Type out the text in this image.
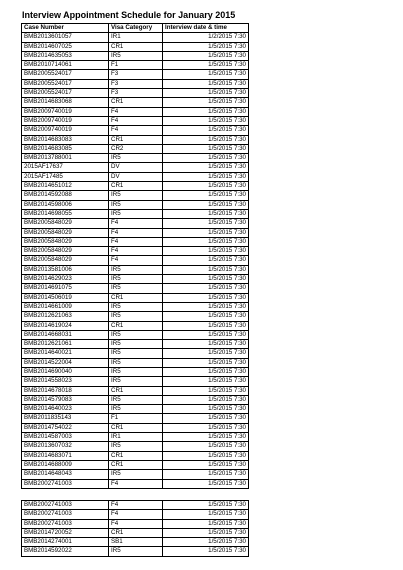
Interview Appointment Schedule for January 2015
Case Number	Visa Category	Interview date & time
BMB2013601057	IR1	1/2/2015 7:30
BMB2014607025	CR1	1/5/2015 7:30
BMB2014635053	IR5	1/5/2015 7:30
BMB2010714061	F1	1/5/2015 7:30
BMB2005524017	F3	1/5/2015 7:30
BMB2005524017	F3	1/5/2015 7:30
BMB2005524017	F3	1/5/2015 7:30
BMB2014683068	CR1	1/5/2015 7:30
BMB2009740019	F4	1/5/2015 7:30
BMB2009740019	F4	1/5/2015 7:30
BMB2009740019	F4	1/5/2015 7:30
BMB2014683083	CR1	1/5/2015 7:30
BMB2014683085	CR2	1/5/2015 7:30
BMB2013788001	IR5	1/5/2015 7:30
2015AF17637	DV	1/5/2015 7:30
2015AF17485	DV	1/5/2015 7:30
BMB2014651012	CR1	1/5/2015 7:30
BMB2014592088	IR5	1/5/2015 7:30
BMB2014598006	IR5	1/5/2015 7:30
BMB2014698055	IR5	1/5/2015 7:30
BMB2005848029	F4	1/5/2015 7:30
BMB2005848029	F4	1/5/2015 7:30
BMB2005848029	F4	1/5/2015 7:30
BMB2005848029	F4	1/5/2015 7:30
BMB2005848029	F4	1/5/2015 7:30
BMB2013581006	IR5	1/5/2015 7:30
BMB2014629023	IR5	1/5/2015 7:30
BMB2014691075	IR5	1/5/2015 7:30
BMB2014506019	CR1	1/5/2015 7:30
BMB2014661009	IR5	1/5/2015 7:30
BMB2012621063	IR5	1/5/2015 7:30
BMB2014619024	CR1	1/5/2015 7:30
BMB2014668031	IR5	1/5/2015 7:30
BMB2012621061	IR5	1/5/2015 7:30
BMB2014640021	IR5	1/5/2015 7:30
BMB2014522004	IR5	1/5/2015 7:30
BMB2014690040	IR5	1/5/2015 7:30
BMB2014558023	IR5	1/5/2015 7:30
BMB2014678018	CR1	1/5/2015 7:30
BMB2014579083	IR5	1/5/2015 7:30
BMB2014640023	IR5	1/5/2015 7:30
BMB2011835143	F1	1/5/2015 7:30
BMB2014754022	CR1	1/5/2015 7:30
BMB2014587003	IR1	1/5/2015 7:30
BMB2013607032	IR5	1/5/2015 7:30
BMB2014683071	CR1	1/5/2015 7:30
BMB2014688009	CR1	1/5/2015 7:30
BMB2014648043	IR5	1/5/2015 7:30
BMB2002741003	F4	1/5/2015 7:30
BMB2002741003	F4	1/5/2015 7:30
BMB2002741003	F4	1/5/2015 7:30
BMB2002741003	F4	1/5/2015 7:30
BMB2014720052	CR1	1/5/2015 7:30
BMB2014274001	SB1	1/5/2015 7:30
BMB2014592022	IR5	1/5/2015 7:30
